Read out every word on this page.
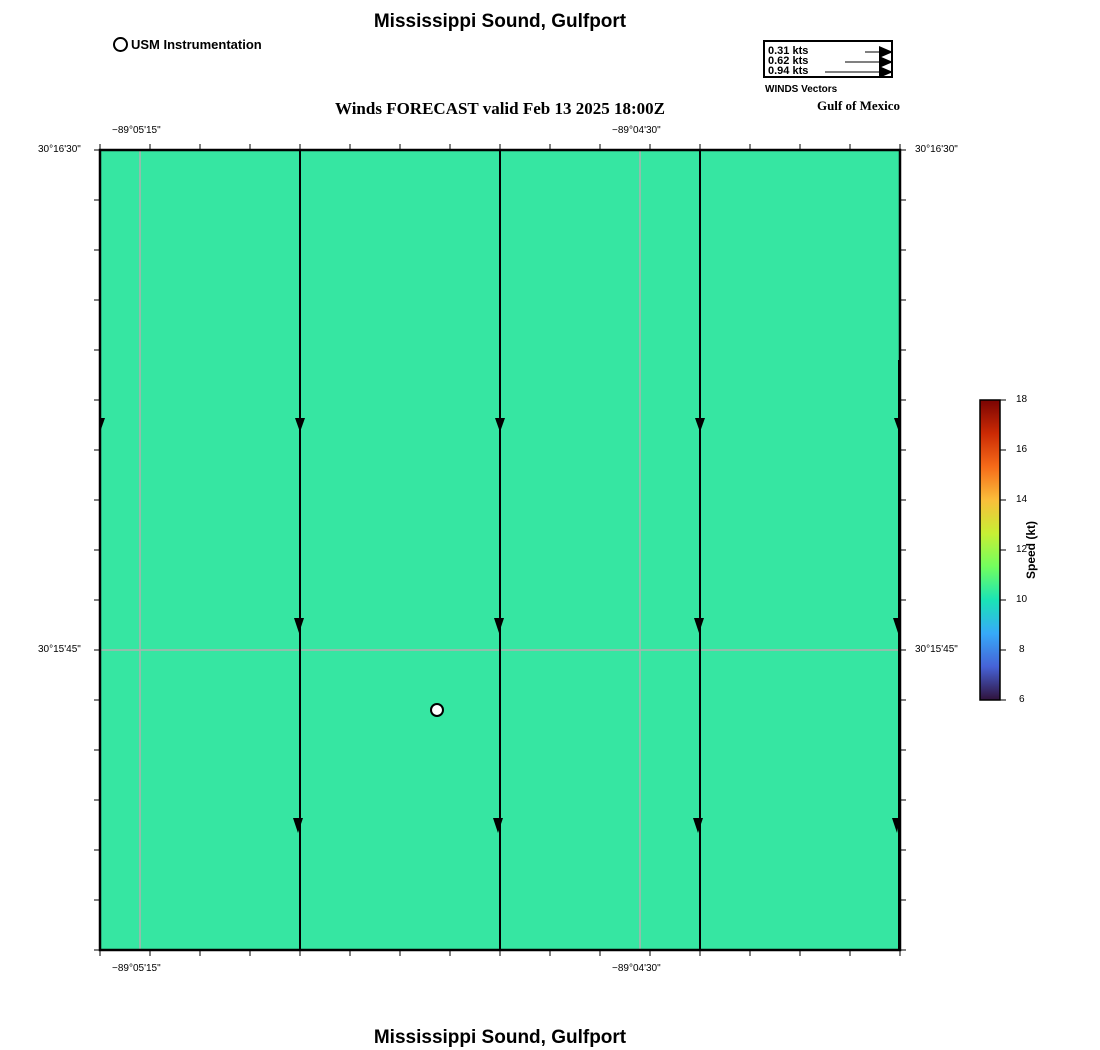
Mississippi Sound, Gulfport
Winds FORECAST valid Feb 13 2025 18:00Z	Gulf of Mexico
Mississippi Sound, Gulfport
USM Instrumentation	0.31 kts
0.62 kts
0.94 kts
WINDS Vectors
−89°05'15"	−89°04'30"
−89°05'15"	−89°04'30"
30°16'30"
30°15'45"
30°16'30"
30°15'45"
18
16
14
12
10
8
6
Speed (kt)
